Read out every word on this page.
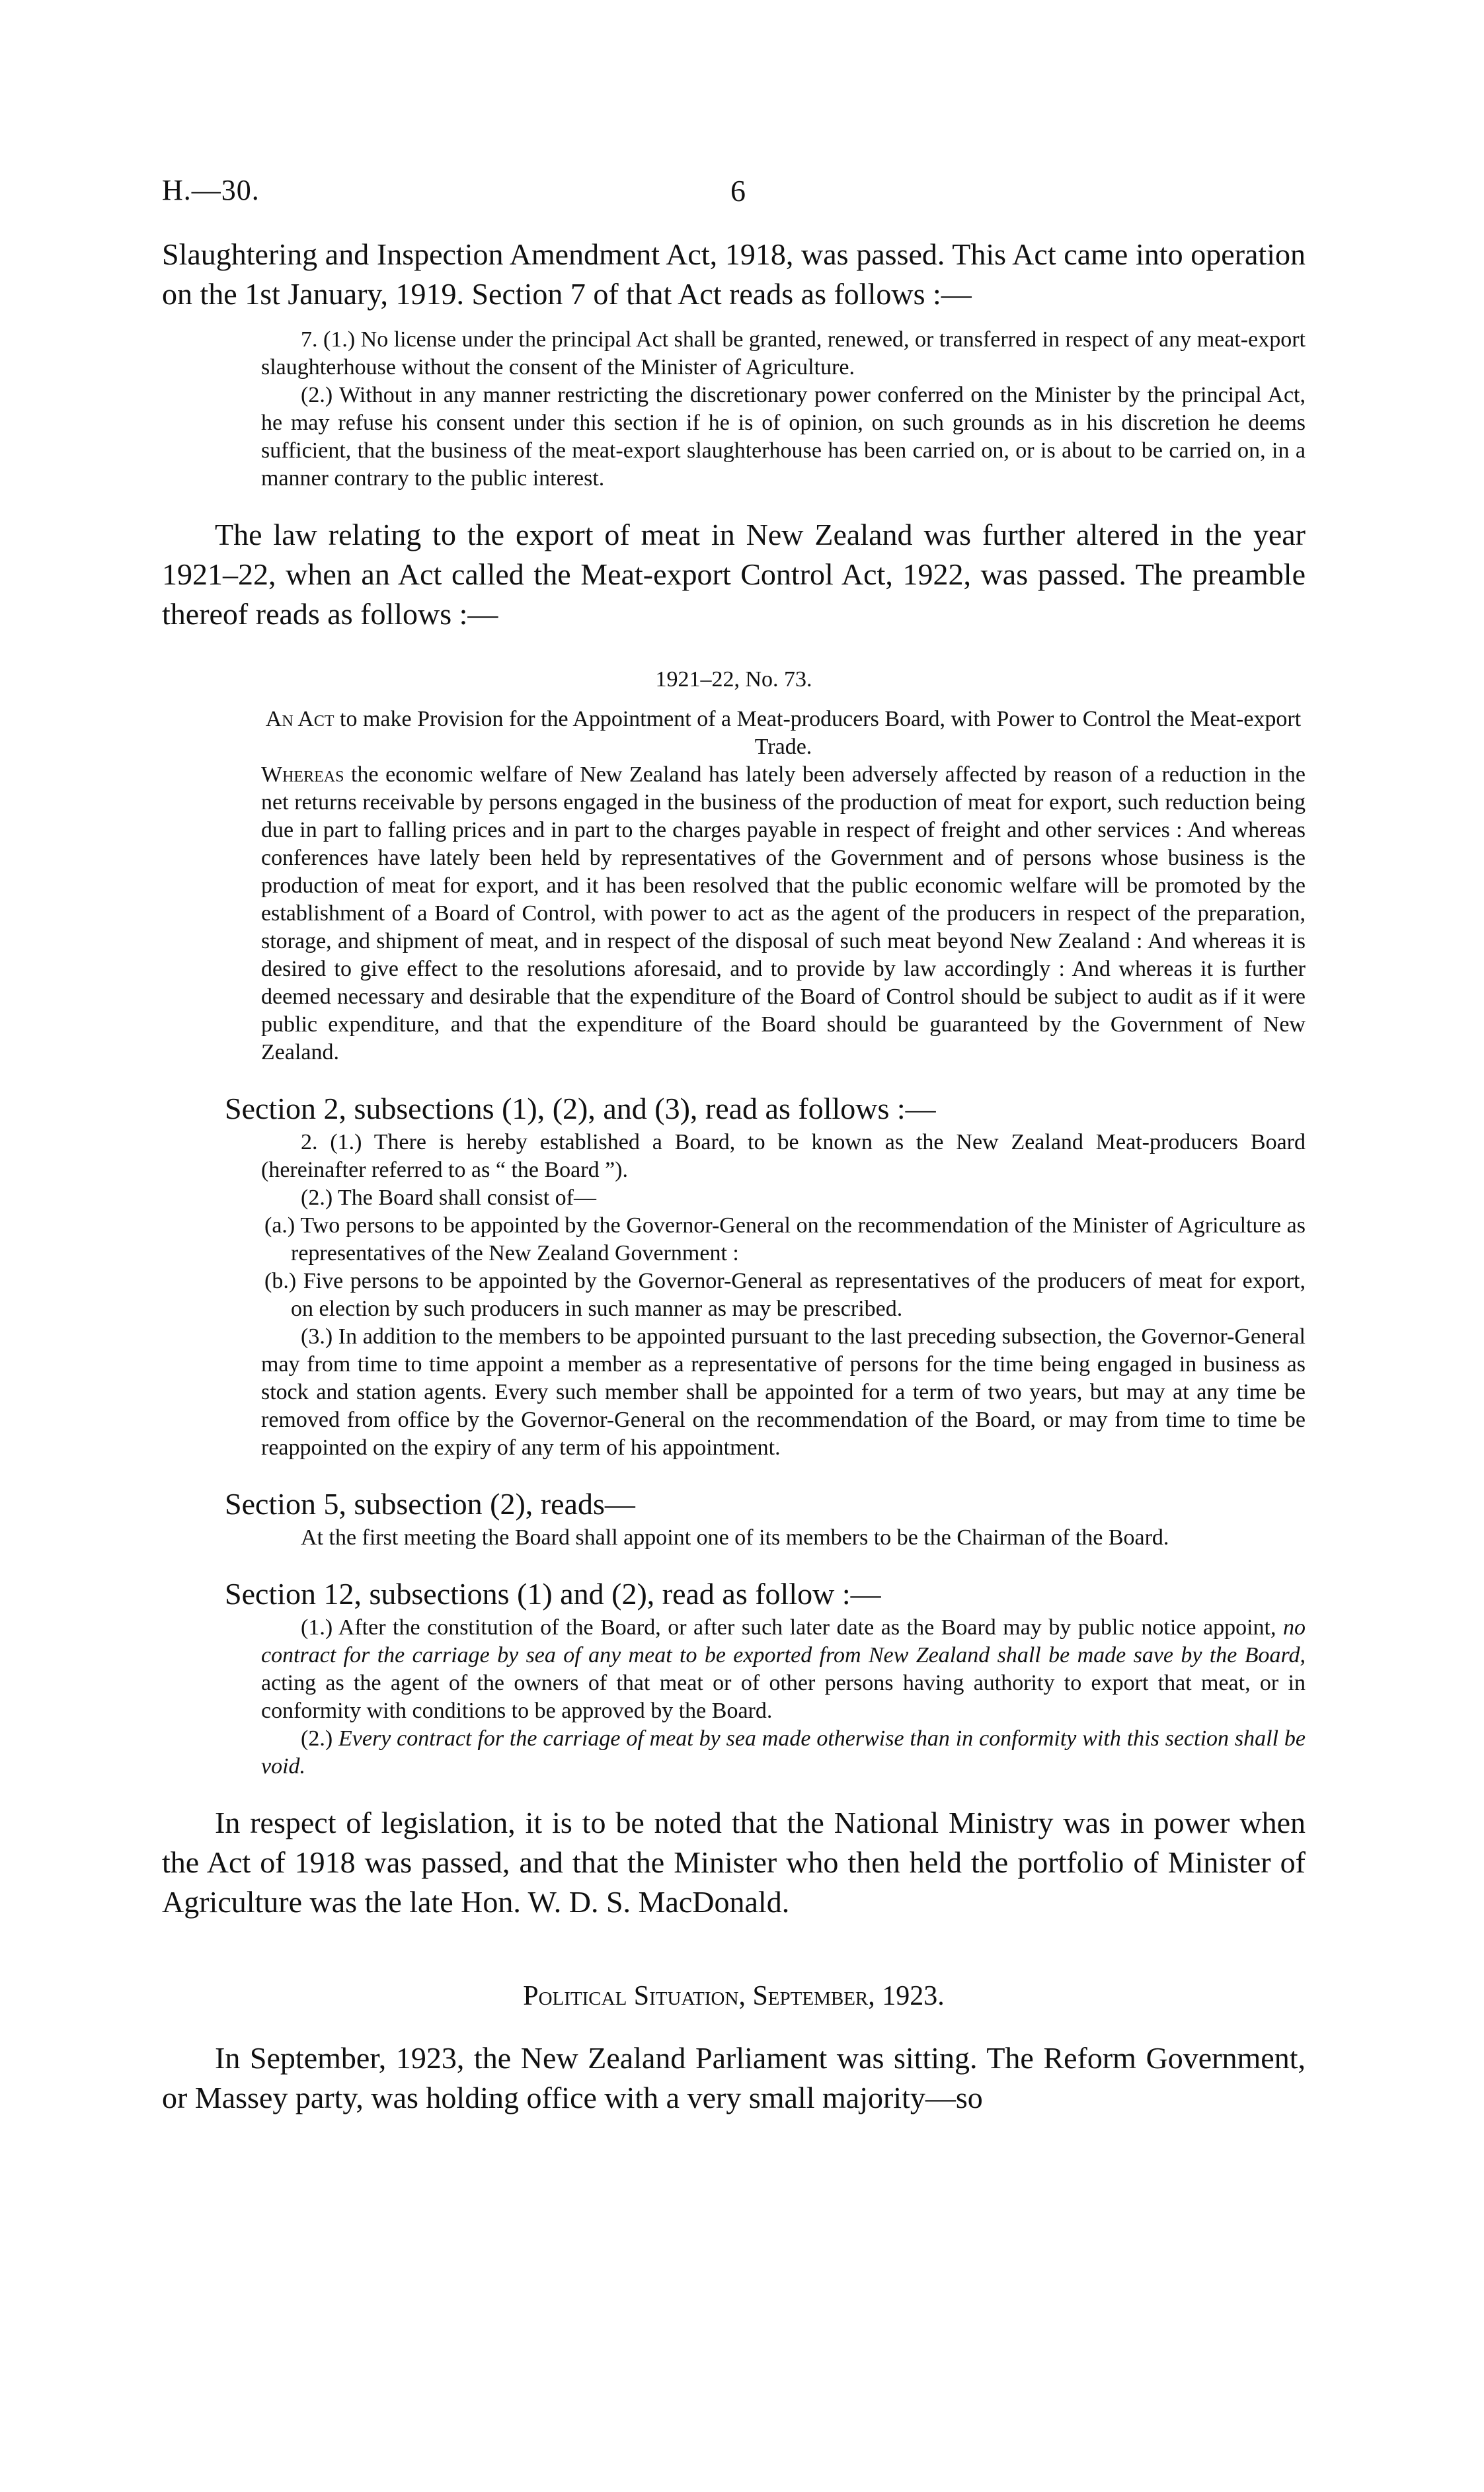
H.—30.	6

Slaughtering and Inspection Amendment Act, 1918, was passed. This Act came into operation on the 1st January, 1919. Section 7 of that Act reads as follows :—

7. (1.) No license under the principal Act shall be granted, renewed, or transferred in respect of any meat-export slaughterhouse without the consent of the Minister of Agriculture.

(2.) Without in any manner restricting the discretionary power conferred on the Minister by the principal Act, he may refuse his consent under this section if he is of opinion, on such grounds as in his discretion he deems sufficient, that the business of the meat-export slaughterhouse has been carried on, or is about to be carried on, in a manner contrary to the public interest.

The law relating to the export of meat in New Zealand was further altered in the year 1921–22, when an Act called the Meat-export Control Act, 1922, was passed. The preamble thereof reads as follows :—

1921–22, No. 73.

An Act to make Provision for the Appointment of a Meat-producers Board, with Power to Control the Meat-export Trade.

Whereas the economic welfare of New Zealand has lately been adversely affected by reason of a reduction in the net returns receivable by persons engaged in the business of the production of meat for export, such reduction being due in part to falling prices and in part to the charges payable in respect of freight and other services : And whereas conferences have lately been held by representatives of the Government and of persons whose business is the production of meat for export, and it has been resolved that the public economic welfare will be promoted by the establishment of a Board of Control, with power to act as the agent of the producers in respect of the preparation, storage, and shipment of meat, and in respect of the disposal of such meat beyond New Zealand : And whereas it is desired to give effect to the resolutions aforesaid, and to provide by law accordingly : And whereas it is further deemed necessary and desirable that the expenditure of the Board of Control should be subject to audit as if it were public expenditure, and that the expenditure of the Board should be guaranteed by the Government of New Zealand.

Section 2, subsections (1), (2), and (3), read as follows :—

2. (1.) There is hereby established a Board, to be known as the New Zealand Meat-producers Board (hereinafter referred to as “ the Board ”).

(2.) The Board shall consist of—

(a.) Two persons to be appointed by the Governor-General on the recommendation of the Minister of Agriculture as representatives of the New Zealand Government :

(b.) Five persons to be appointed by the Governor-General as representatives of the producers of meat for export, on election by such producers in such manner as may be prescribed.

(3.) In addition to the members to be appointed pursuant to the last preceding subsection, the Governor-General may from time to time appoint a member as a representative of persons for the time being engaged in business as stock and station agents. Every such member shall be appointed for a term of two years, but may at any time be removed from office by the Governor-General on the recommendation of the Board, or may from time to time be reappointed on the expiry of any term of his appointment.

Section 5, subsection (2), reads—

At the first meeting the Board shall appoint one of its members to be the Chairman of the Board.

Section 12, subsections (1) and (2), read as follow :—

(1.) After the constitution of the Board, or after such later date as the Board may by public notice appoint, no contract for the carriage by sea of any meat to be exported from New Zealand shall be made save by the Board, acting as the agent of the owners of that meat or of other persons having authority to export that meat, or in conformity with conditions to be approved by the Board.

(2.) Every contract for the carriage of meat by sea made otherwise than in conformity with this section shall be void.

In respect of legislation, it is to be noted that the National Ministry was in power when the Act of 1918 was passed, and that the Minister who then held the portfolio of Minister of Agriculture was the late Hon. W. D. S. MacDonald.

Political Situation, September, 1923.

In September, 1923, the New Zealand Parliament was sitting. The Reform Government, or Massey party, was holding office with a very small majority—so
